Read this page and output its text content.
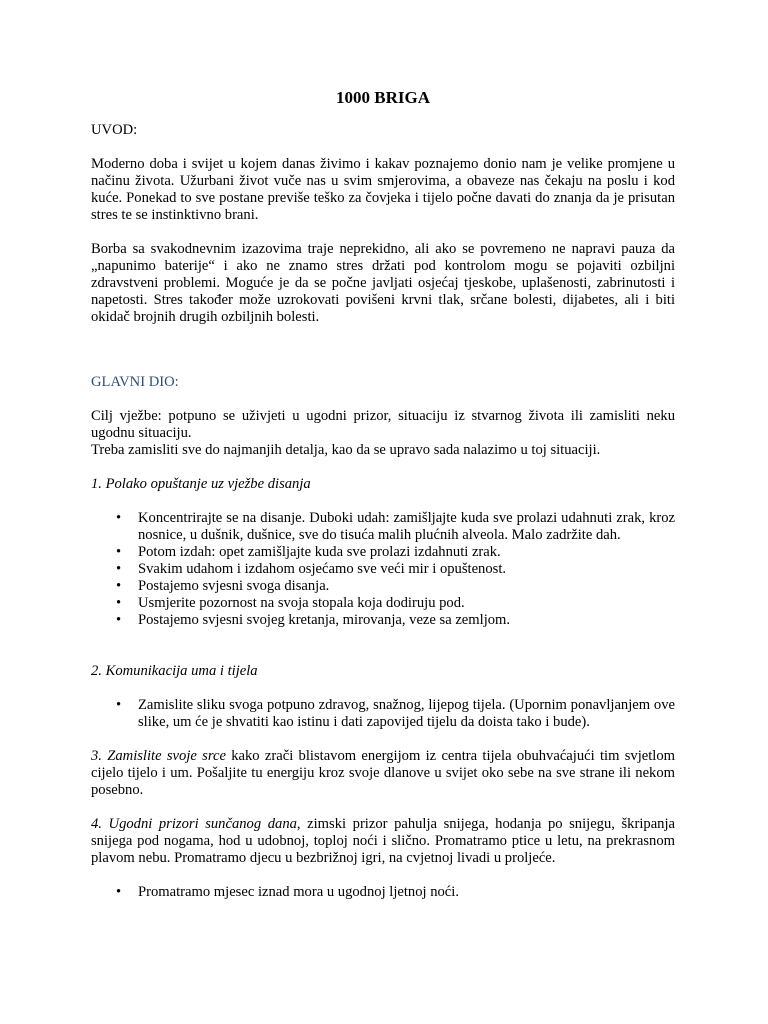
1000 BRIGA

UVOD:

Moderno doba i svijet u kojem danas živimo i kakav poznajemo donio nam je velike promjene u načinu života. Užurbani život vuče nas u svim smjerovima, a obaveze nas čekaju na poslu i kod kuće. Ponekad to sve postane previše teško za čovjeka i tijelo počne davati do znanja da je prisutan stres te se instinktivno brani.

Borba sa svakodnevnim izazovima traje neprekidno, ali ako se povremeno ne napravi pauza da „napunimo baterije“ i ako ne znamo stres držati pod kontrolom mogu se pojaviti ozbiljni zdravstveni problemi. Moguće je da se počne javljati osjećaj tjeskobe, uplašenosti, zabrinutosti i napetosti. Stres također može uzrokovati povišeni krvni tlak, srčane bolesti, dijabetes, ali i biti okidač brojnih drugih ozbiljnih bolesti.

GLAVNI DIO:

Cilj vježbe: potpuno se uživjeti u ugodni prizor, situaciju iz stvarnog života ili zamisliti neku ugodnu situaciju.

Treba zamisliti sve do najmanjih detalja, kao da se upravo sada nalazimo u toj situaciji.

1. Polako opuštanje uz vježbe disanja

• Koncentrirajte se na disanje. Duboki udah: zamišljajte kuda sve prolazi udahnuti zrak, kroz nosnice, u dušnik, dušnice, sve do tisuća malih plućnih alveola. Malo zadržite dah.
• Potom izdah: opet zamišljajte kuda sve prolazi izdahnuti zrak.
• Svakim udahom i izdahom osjećamo sve veći mir i opuštenost.
• Postajemo svjesni svoga disanja.
• Usmjerite pozornost na svoja stopala koja dodiruju pod.
• Postajemo svjesni svojeg kretanja, mirovanja, veze sa zemljom.

2. Komunikacija uma i tijela

• Zamislite sliku svoga potpuno zdravog, snažnog, lijepog tijela. (Upornim ponavljanjem ove slike, um će je shvatiti kao istinu i dati zapovijed tijelu da doista tako i bude).

3. Zamislite svoje srce kako zrači blistavom energijom iz centra tijela obuhvaćajući tim svjetlom cijelo tijelo i um. Pošaljite tu energiju kroz svoje dlanove u svijet oko sebe na sve strane ili nekom posebno.

4. Ugodni prizori sunčanog dana, zimski prizor pahulja snijega, hodanja po snijegu, škripanja snijega pod nogama, hod u udobnoj, toploj noći i slično. Promatramo ptice u letu, na prekrasnom plavom nebu. Promatramo djecu u bezbrižnoj igri, na cvjetnoj livadi u proljeće.

• Promatramo mjesec iznad mora u ugodnoj ljetnoj noći.
